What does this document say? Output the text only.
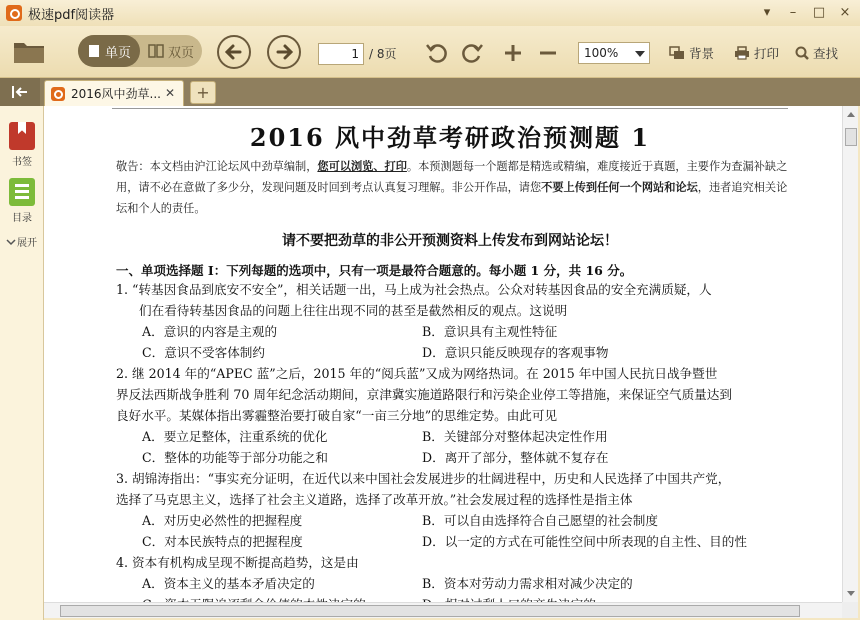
极速pdf阅读器	▾	–	□	×
单页	双页	1 / 8页	100%	背景	打印	查找
2016风中劲草... ✕ +
书签
目录
展开
2016 风中劲草考研政治预测题 1
敬告：本文档由沪江论坛风中劲草编制，您可以浏览、打印。本预测题每一个题都是精选或精编，难度接近于真题，主要作为查漏补缺之用，请不必在意做了多少分，发现问题及时回到考点认真复习理解。非公开作品，请您不要上传到任何一个网站和论坛，违者追究相关论坛和个人的责任。
请不要把劲草的非公开预测资料上传发布到网站论坛！
一、单项选择题 I：下列每题的选项中，只有一项是最符合题意的。每小题 1 分，共 16 分。
1. “转基因食品到底安不安全”，相关话题一出，马上成为社会热点。公众对转基因食品的安全充满质疑，人
们在看待转基因食品的问题上往往出现不同的甚至是截然相反的观点。这说明
A．意识的内容是主观的	B．意识具有主观性特征
C．意识不受客体制约	D．意识只能反映现存的客观事物
2. 继 2014 年的“APEC 蓝”之后，2015 年的“阅兵蓝”又成为网络热词。在 2015 年中国人民抗日战争暨世
界反法西斯战争胜利 70 周年纪念活动期间，京津冀实施道路限行和污染企业停工等措施，来保证空气质量达到
良好水平。某媒体指出雾霾整治要打破自家“一亩三分地”的思维定势。由此可见
A．要立足整体，注重系统的优化	B．关键部分对整体起决定性作用
C．整体的功能等于部分功能之和	D．离开了部分，整体就不复存在
3. 胡锦涛指出：“事实充分证明，在近代以来中国社会发展进步的壮阔进程中，历史和人民选择了中国共产党，
选择了马克思主义，选择了社会主义道路，选择了改革开放。”社会发展过程的选择性是指主体
A．对历史必然性的把握程度	B．可以自由选择符合自己愿望的社会制度
C．对本民族特点的把握程度	D．以一定的方式在可能性空间中所表现的自主性、目的性
4. 资本有机构成呈现不断提高趋势，这是由
A．资本主义的基本矛盾决定的	B．资本对劳动力需求相对减少决定的
